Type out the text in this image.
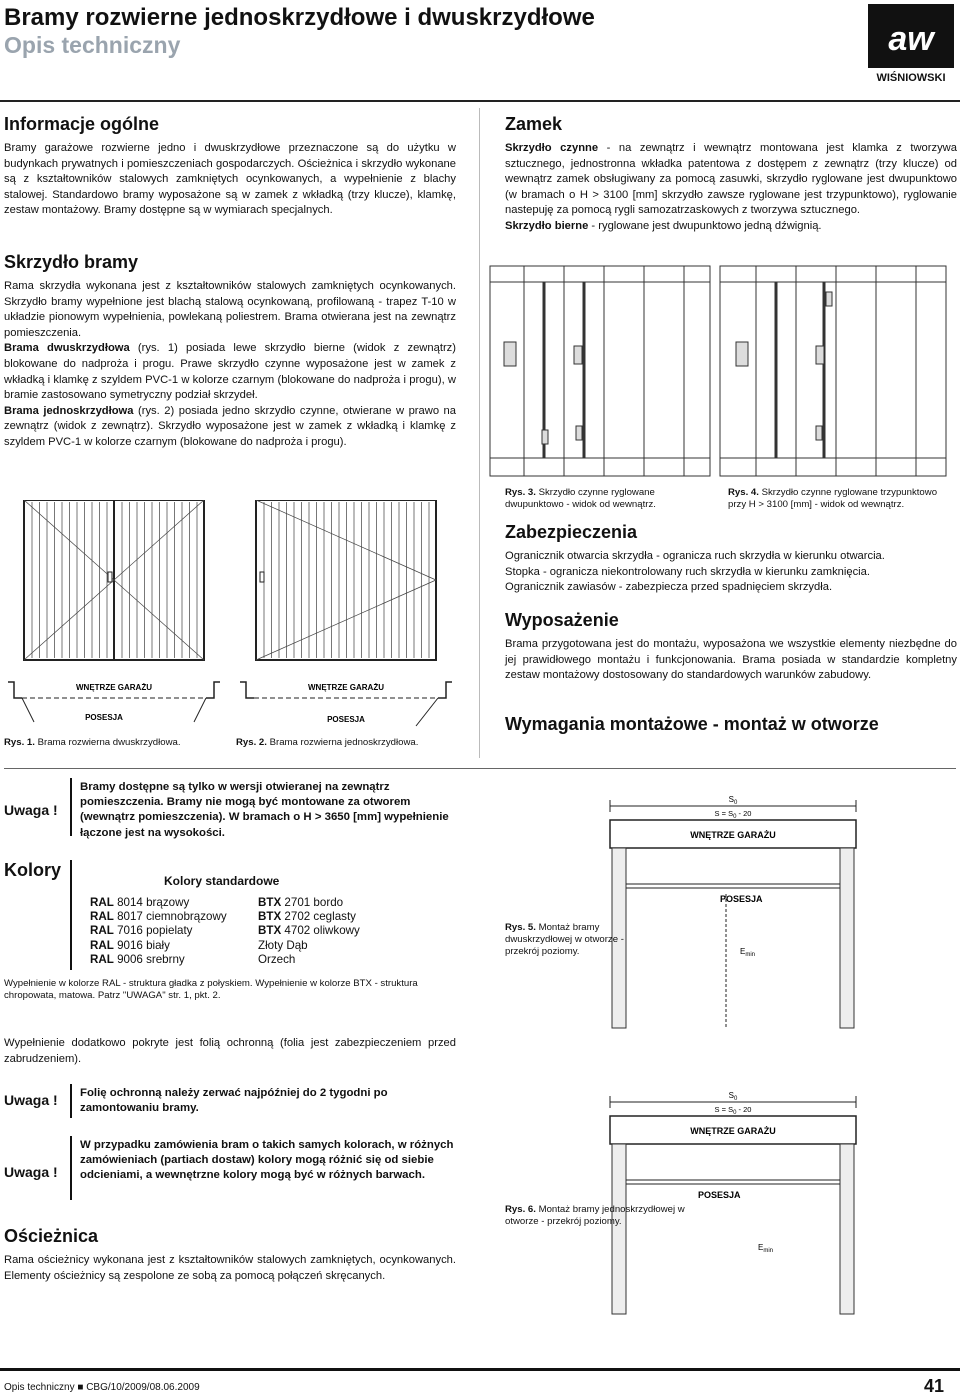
Bramy rozwierne jednoskrzydłowe i dwuskrzydłowe
Opis techniczny	aw
WIŚNIOWSKI
Informacje ogólne
Bramy garażowe rozwierne jedno i dwuskrzydłowe przeznaczone są do użytku w budynkach prywatnych i pomieszczeniach gospodarczych. Ościeżnica i skrzydło wykonane są z kształtowników stalowych zamkniętych ocynkowanych, a wypełnienie z blachy stalowej. Standardowo bramy wyposażone są w zamek z wkładką (trzy klucze), klamkę, zestaw montażowy. Bramy dostępne są w wymiarach specjalnych.
Skrzydło bramy
Rama skrzydła wykonana jest z kształtowników stalowych zamkniętych ocynkowanych. Skrzydło bramy wypełnione jest blachą stalową ocynkowaną, profilowaną - trapez T-10 w układzie pionowym wypełnienia, powlekaną poliestrem. Brama otwierana jest na zewnątrz pomieszczenia.
Brama dwuskrzydłowa (rys. 1) posiada lewe skrzydło bierne (widok z zewnątrz) blokowane do nadproża i progu. Prawe skrzydło czynne wyposażone jest w zamek z wkładką i klamkę z szyldem PVC-1 w kolorze czarnym (blokowane do nadproża i progu), w bramie zastosowano symetryczny podział skrzydeł.
Brama jednoskrzydłowa (rys. 2) posiada jedno skrzydło czynne, otwierane w prawo na zewnątrz (widok z zewnątrz). Skrzydło wyposażone jest w zamek z wkładką i klamkę z szyldem PVC-1 w kolorze czarnym (blokowane do nadproża i progu).
WNĘTRZE GARAŻU
POSESJA
Rys. 1. Brama rozwierna dwuskrzydłowa.
WNĘTRZE GARAŻU
POSESJA
Rys. 2. Brama rozwierna jednoskrzydłowa.
Zamek
Skrzydło czynne - na zewnątrz i wewnątrz montowana jest klamka z tworzywa sztucznego, jednostronna wkładka patentowa z dostępem z zewnątrz (trzy klucze) od wewnątrz zamek obsługiwany za pomocą zasuwki, skrzydło ryglowane jest dwupunktowo (w bramach o H > 3100 [mm] skrzydło zawsze ryglowane jest trzypunktowo), ryglowanie nastepuję za pomocą rygli samozatrzaskowych z tworzywa sztucznego.
Skrzydło bierne - ryglowane jest dwupunktowo jedną dźwignią.
Rys. 3. Skrzydło czynne ryglowane dwupunktowo - widok od wewnątrz.
Rys. 4. Skrzydło czynne ryglowane trzypunktowo przy H > 3100 [mm] - widok od wewnątrz.
Zabezpieczenia
Ogranicznik otwarcia skrzydła - ogranicza ruch skrzydła w kierunku otwarcia.
Stopka - ogranicza niekontrolowany ruch skrzydła w kierunku zamknięcia.
Ogranicznik zawiasów - zabezpiecza przed spadnięciem skrzydła.
Wyposażenie
Brama przygotowana jest do montażu, wyposażona we wszystkie elementy niezbędne do jej prawidłowego montażu i funkcjonowania. Brama posiada w standardzie kompletny zestaw montażowy dostosowany do standardowych warunków zabudowy.
Wymagania montażowe - montaż w otworze
Uwaga !
Bramy dostępne są tylko w wersji otwieranej na zewnątrz pomieszczenia. Bramy nie mogą być montowane za otworem (wewnątrz pomieszczenia). W bramach o H > 3650 [mm] wypełnienie łączone jest na wysokości.
Kolory
Kolory standardowe
RAL 8014 brązowy
RAL 8017 ciemnobrązowy
RAL 7016 popielaty
RAL 9016 biały
RAL 9006 srebrny
BTX 2701 bordo
BTX 2702 ceglasty
BTX 4702 oliwkowy
Złoty Dąb
Orzech
Wypełnienie w kolorze RAL - struktura gładka z połyskiem. Wypełnienie w kolorze BTX - struktura chropowata, matowa. Patrz "UWAGA" str. 1, pkt. 2.
Wypełnienie dodatkowo pokryte jest folią ochronną (folia jest zabezpieczeniem przed zabrudzeniem).
Uwaga ! Folię ochronną należy zerwać najpóźniej do 2 tygodni po zamontowaniu bramy.
Uwaga !
W przypadku zamówienia bram o takich samych kolorach, w różnych zamówieniach (partiach dostaw) kolory mogą różnić się od siebie odcieniami, a wewnętrzne kolory mogą być w różnych barwach.
Ościeżnica
Rama ościeżnicy wykonana jest z kształtowników stalowych zamkniętych, ocynkowanych. Elementy ościeżnicy są zespolone ze sobą za pomocą połączeń skręcanych.
$S_0$
$S = S_0 - 20$
WNĘTRZE GARAŻU
POSESJA
$E_{min}$
Rys. 5. Montaż bramy dwuskrzydłowej w otworze - przekrój poziomy.
$S_0$
$S = S_0 - 20$
WNĘTRZE GARAŻU
POSESJA
$E_{min}$
Rys. 6. Montaż bramy jednoskrzydłowej w otworze - przekrój poziomy.
Opis techniczny ■ CBG/10/2009/08.06.2009	41
